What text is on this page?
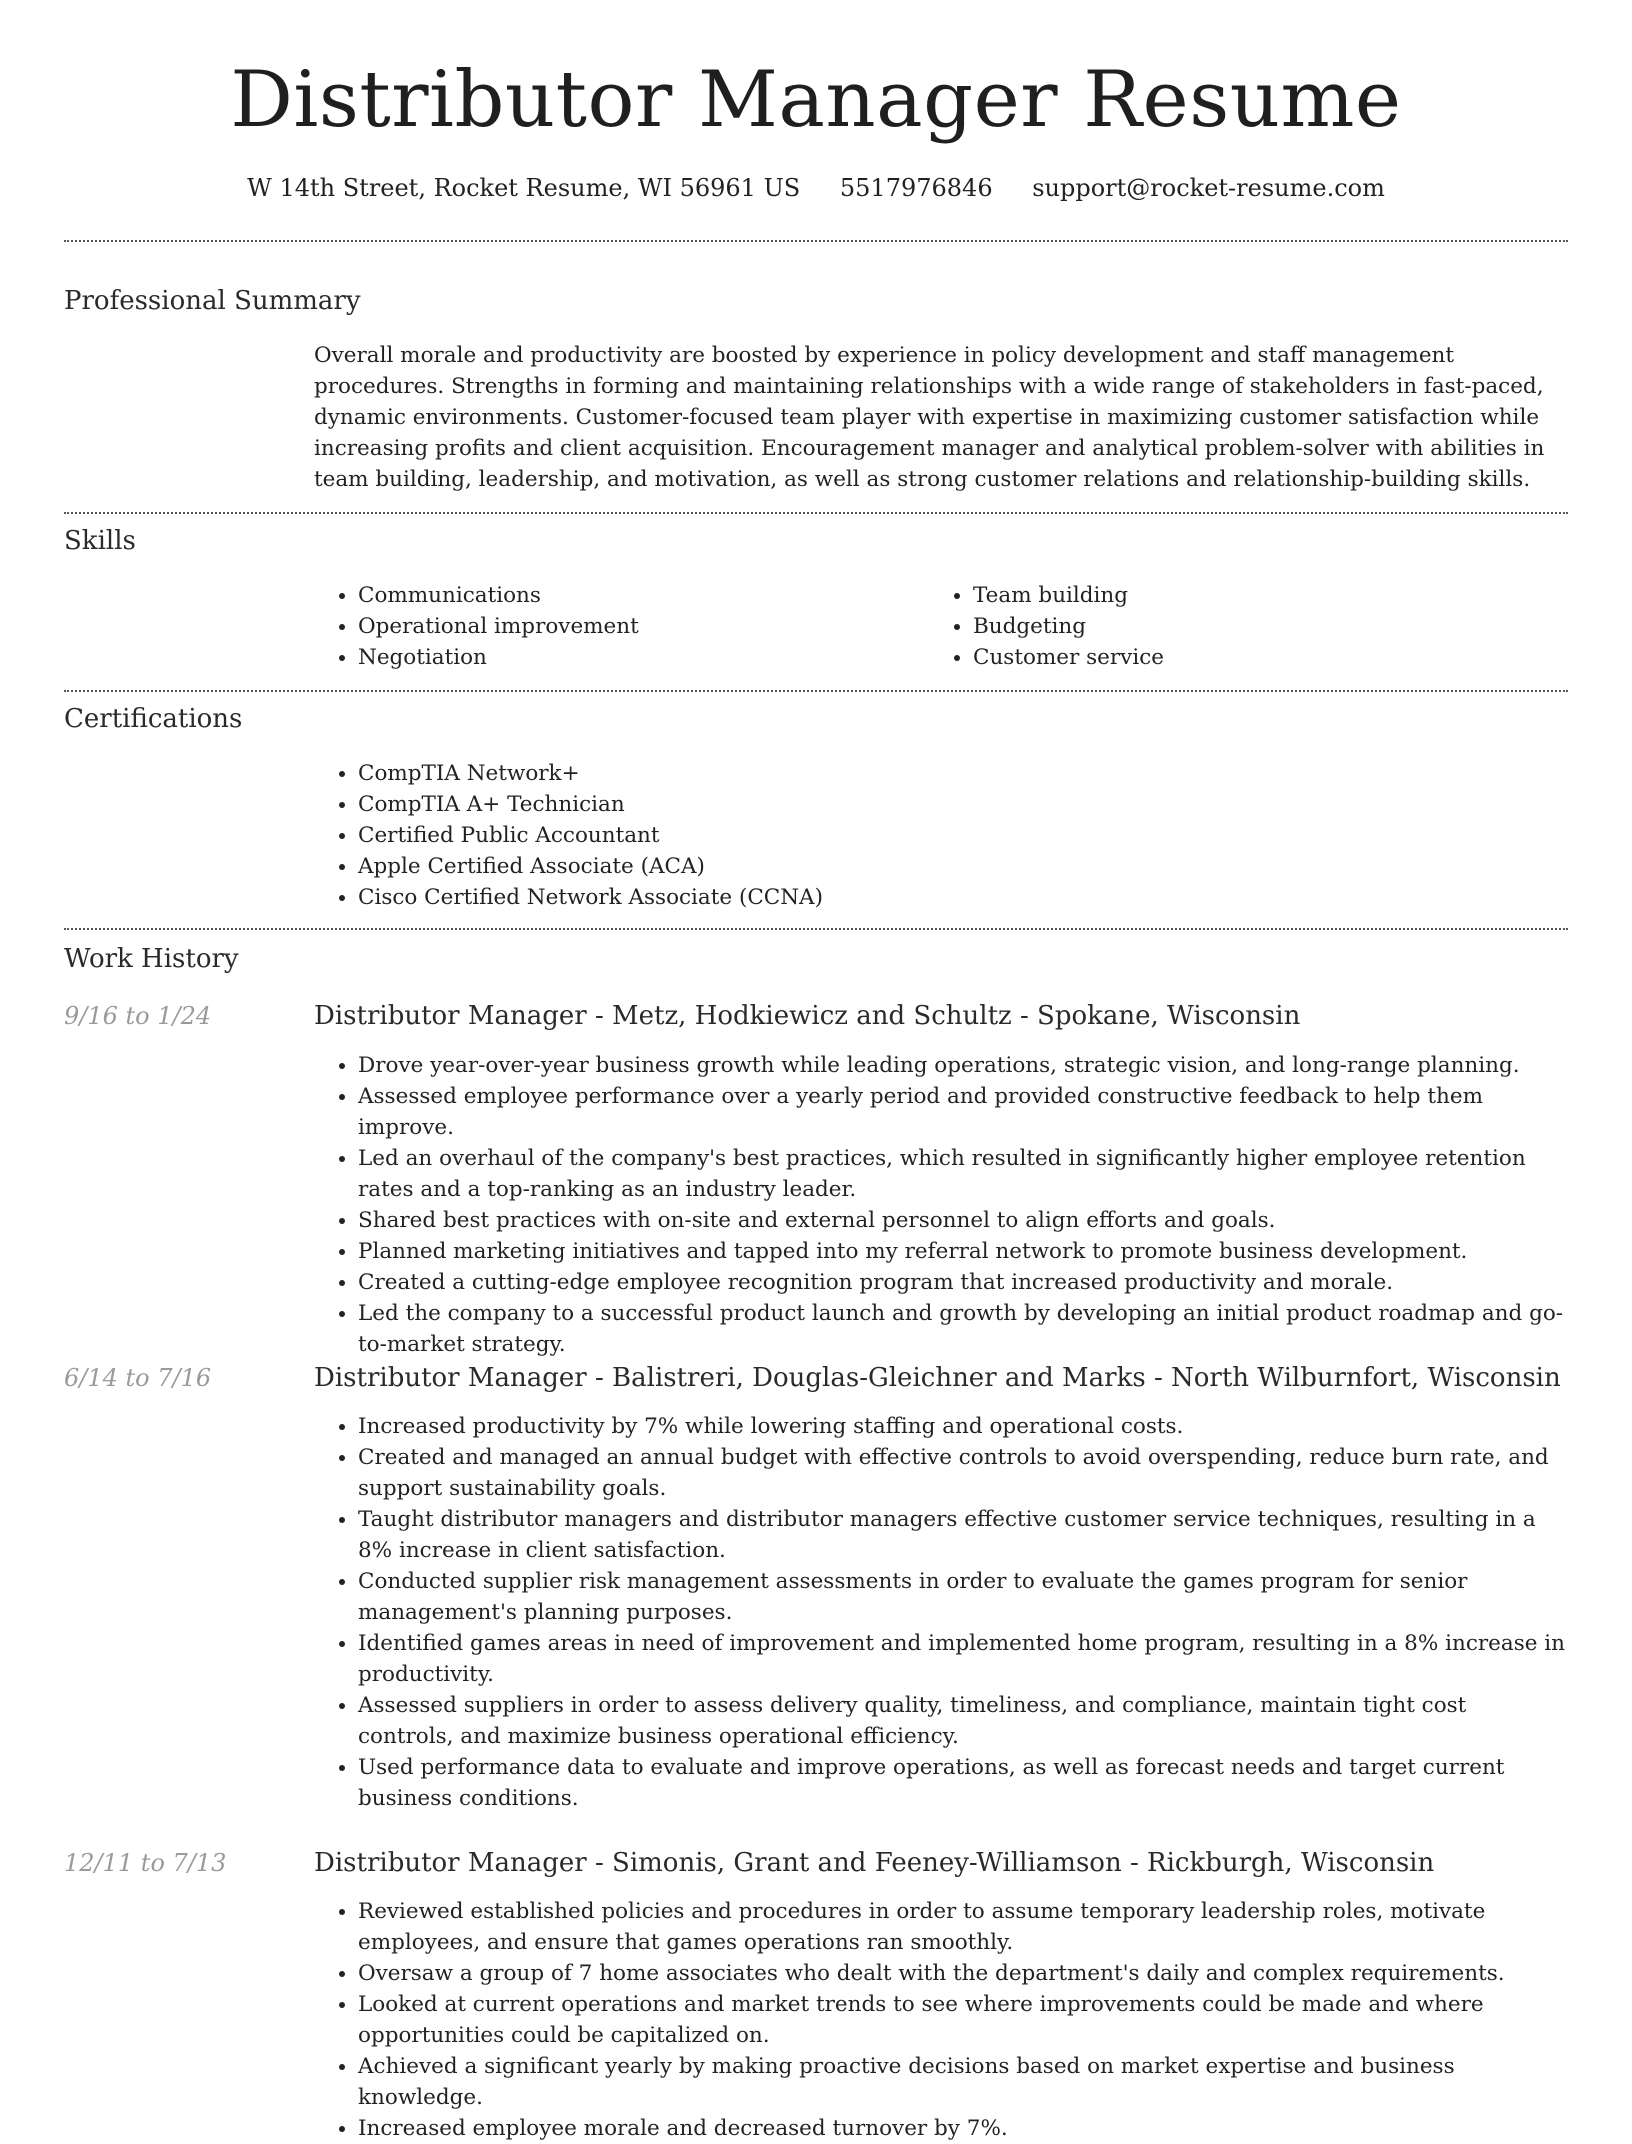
Distributor Manager Resume
W 14th Street, Rocket Resume, WI 56961 US 5517976846 support@rocket-resume.com
Professional Summary

Overall morale and productivity are boosted by experience in policy development and staff management procedures. Strengths in forming and maintaining relationships with a wide range of stakeholders in fast-paced, dynamic environments. Customer-focused team player with expertise in maximizing customer satisfaction while increasing profits and client acquisition. Encouragement manager and analytical problem-solver with abilities in team building, leadership, and motivation, as well as strong customer relations and relationship-building skills.

Skills
• Communications
• Operational improvement
• Negotiation
• Team building
• Budgeting
• Customer service
Certifications
• CompTIA Network+
• CompTIA A+ Technician
• Certified Public Accountant
• Apple Certified Associate (ACA)
• Cisco Certified Network Associate (CCNA)
Work History
9/16 to 1/24	Distributor Manager - Metz, Hodkiewicz and Schultz - Spokane, Wisconsin
• Drove year-over-year business growth while leading operations, strategic vision, and long-range planning.
• Assessed employee performance over a yearly period and provided constructive feedback to help them improve.
• Led an overhaul of the company's best practices, which resulted in significantly higher employee retention rates and a top-ranking as an industry leader.
• Shared best practices with on-site and external personnel to align efforts and goals.
• Planned marketing initiatives and tapped into my referral network to promote business development.
• Created a cutting-edge employee recognition program that increased productivity and morale.
• Led the company to a successful product launch and growth by developing an initial product roadmap and go-to-market strategy.
6/14 to 7/16	Distributor Manager - Balistreri, Douglas-Gleichner and Marks - North Wilburnfort, Wisconsin
• Increased productivity by 7% while lowering staffing and operational costs.
• Created and managed an annual budget with effective controls to avoid overspending, reduce burn rate, and support sustainability goals.
• Taught distributor managers and distributor managers effective customer service techniques, resulting in a 8% increase in client satisfaction.
• Conducted supplier risk management assessments in order to evaluate the games program for senior management's planning purposes.
• Identified games areas in need of improvement and implemented home program, resulting in a 8% increase in productivity.
• Assessed suppliers in order to assess delivery quality, timeliness, and compliance, maintain tight cost controls, and maximize business operational efficiency.
• Used performance data to evaluate and improve operations, as well as forecast needs and target current business conditions.
12/11 to 7/13	Distributor Manager - Simonis, Grant and Feeney-Williamson - Rickburgh, Wisconsin
• Reviewed established policies and procedures in order to assume temporary leadership roles, motivate employees, and ensure that games operations ran smoothly.
• Oversaw a group of 7 home associates who dealt with the department's daily and complex requirements.
• Looked at current operations and market trends to see where improvements could be made and where opportunities could be capitalized on.
• Achieved a significant yearly by making proactive decisions based on market expertise and business knowledge.
• Increased employee morale and decreased turnover by 7%.
